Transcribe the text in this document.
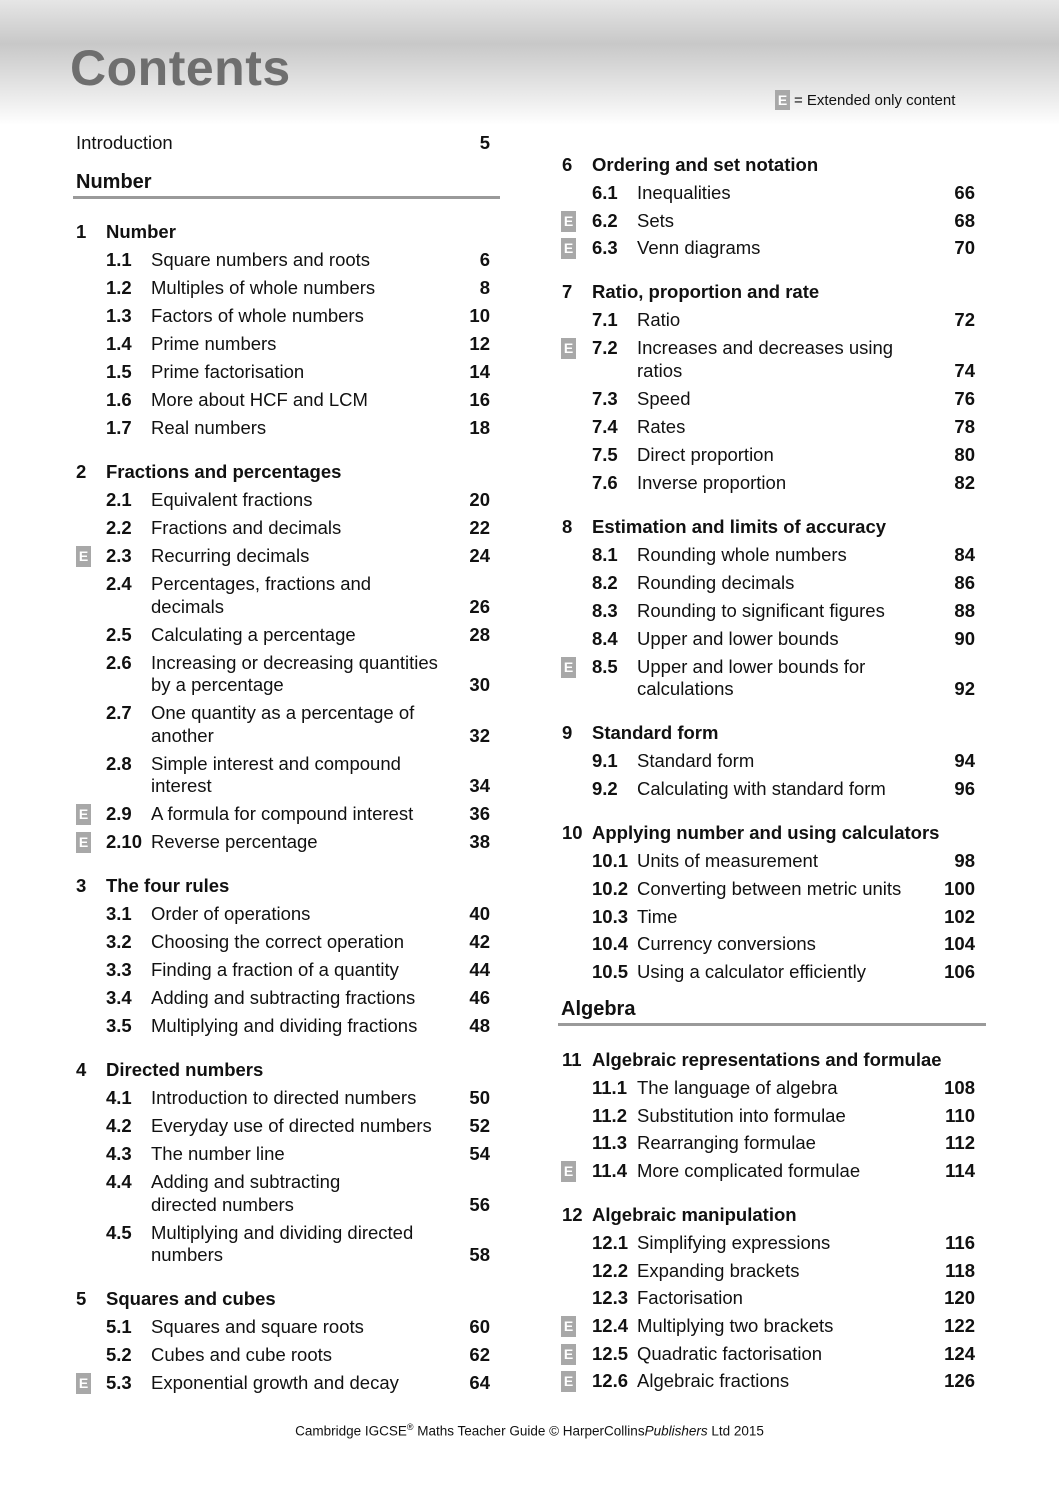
Contents
E = Extended only content
Introduction	5
Number
1 Number
1.1 Square numbers and roots	6
1.2 Multiples of whole numbers	8
1.3 Factors of whole numbers	10
1.4 Prime numbers	12
1.5 Prime factorisation	14
1.6 More about HCF and LCM	16
1.7 Real numbers	18
2 Fractions and percentages
2.1 Equivalent fractions	20
2.2 Fractions and decimals	22
E 2.3 Recurring decimals	24
2.4 Percentages, fractions and
decimals	26
2.5 Calculating a percentage	28
2.6 Increasing or decreasing quantities
by a percentage	30
2.7 One quantity as a percentage of
another	32
2.8 Simple interest and compound
interest	34
E 2.9 A formula for compound interest	36
E 2.10 Reverse percentage	38
3 The four rules
3.1 Order of operations	40
3.2 Choosing the correct operation	42
3.3 Finding a fraction of a quantity	44
3.4 Adding and subtracting fractions	46
3.5 Multiplying and dividing fractions	48
4 Directed numbers
4.1 Introduction to directed numbers	50
4.2 Everyday use of directed numbers	52
4.3 The number line	54
4.4 Adding and subtracting
directed numbers	56
4.5 Multiplying and dividing directed
numbers	58
5 Squares and cubes
5.1 Squares and square roots	60
5.2 Cubes and cube roots	62
E 5.3 Exponential growth and decay	64
6 Ordering and set notation
6.1 Inequalities	66
E 6.2 Sets	68
E 6.3 Venn diagrams	70
7 Ratio, proportion and rate
7.1 Ratio	72
E 7.2 Increases and decreases using
ratios	74
7.3 Speed	76
7.4 Rates	78
7.5 Direct proportion	80
7.6 Inverse proportion	82
8 Estimation and limits of accuracy
8.1 Rounding whole numbers	84
8.2 Rounding decimals	86
8.3 Rounding to significant figures	88
8.4 Upper and lower bounds	90
E 8.5 Upper and lower bounds for
calculations	92
9 Standard form
9.1 Standard form	94
9.2 Calculating with standard form	96
10 Applying number and using calculators
10.1 Units of measurement	98
10.2 Converting between metric units	100
10.3 Time	102
10.4 Currency conversions	104
10.5 Using a calculator efficiently	106
Algebra
11 Algebraic representations and formulae
11.1 The language of algebra	108
11.2 Substitution into formulae	110
11.3 Rearranging formulae	112
E 11.4 More complicated formulae	114
12 Algebraic manipulation
12.1 Simplifying expressions	116
12.2 Expanding brackets	118
12.3 Factorisation	120
E 12.4 Multiplying two brackets	122
E 12.5 Quadratic factorisation	124
E 12.6 Algebraic fractions	126
Cambridge IGCSE® Maths Teacher Guide © HarperCollinsPublishers Ltd 2015
